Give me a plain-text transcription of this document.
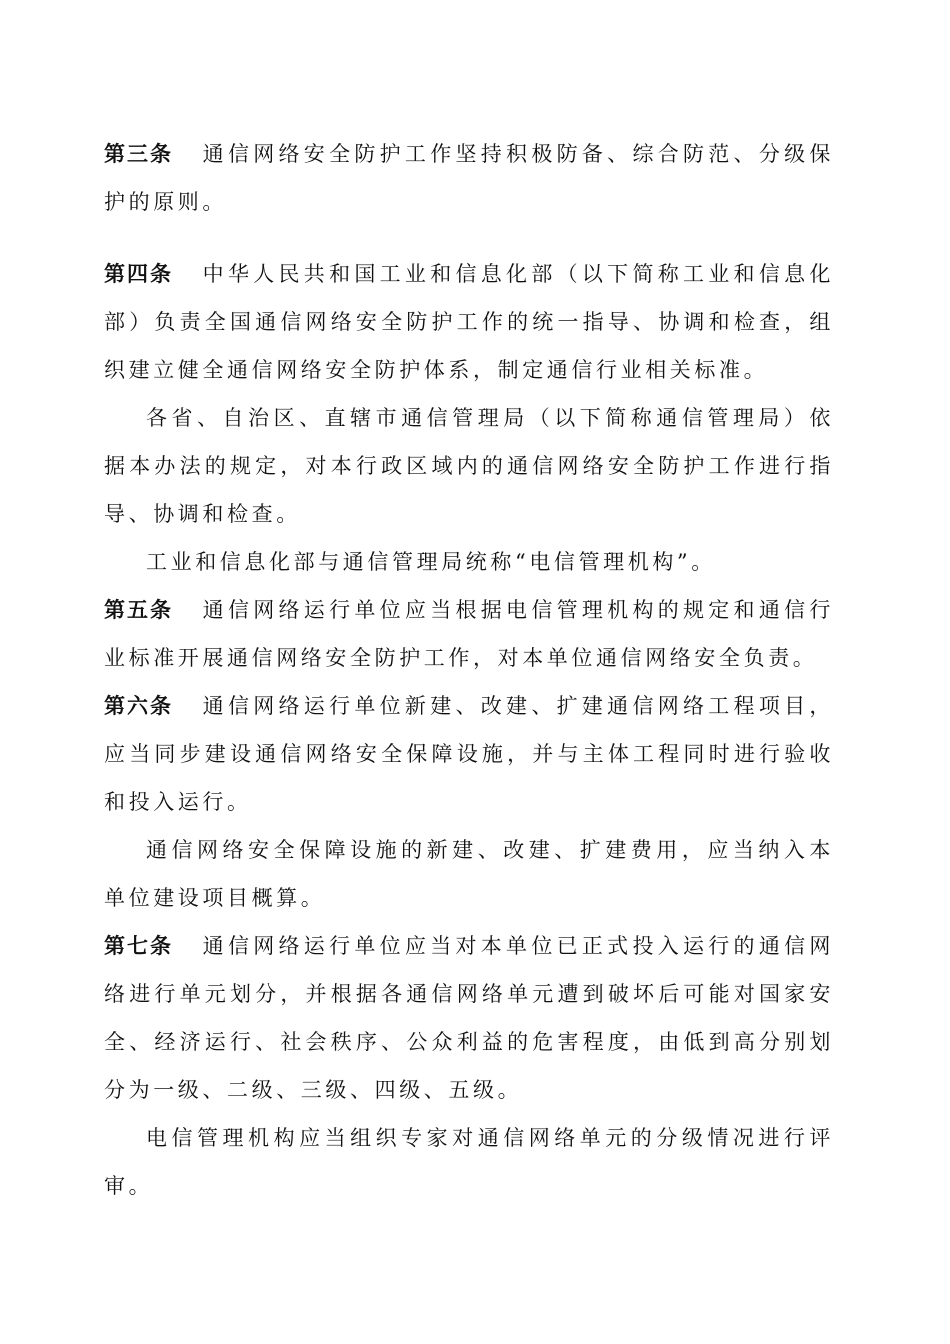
第三条 通信网络安全防护工作坚持积极防备、综合防范、分级保护的原则。

第四条 中华人民共和国工业和信息化部（以下简称工业和信息化部）负责全国通信网络安全防护工作的统一指导、协调和检查，组织建立健全通信网络安全防护体系，制定通信行业相关标准。

各省、自治区、直辖市通信管理局（以下简称通信管理局）依据本办法的规定，对本行政区域内的通信网络安全防护工作进行指导、协调和检查。

工业和信息化部与通信管理局统称“电信管理机构”。

第五条 通信网络运行单位应当根据电信管理机构的规定和通信行业标准开展通信网络安全防护工作，对本单位通信网络安全负责。

第六条 通信网络运行单位新建、改建、扩建通信网络工程项目，应当同步建设通信网络安全保障设施，并与主体工程同时进行验收和投入运行。

通信网络安全保障设施的新建、改建、扩建费用，应当纳入本单位建设项目概算。

第七条 通信网络运行单位应当对本单位已正式投入运行的通信网络进行单元划分，并根据各通信网络单元遭到破坏后可能对国家安全、经济运行、社会秩序、公众利益的危害程度，由低到高分别划分为一级、二级、三级、四级、五级。

电信管理机构应当组织专家对通信网络单元的分级情况进行评审。
